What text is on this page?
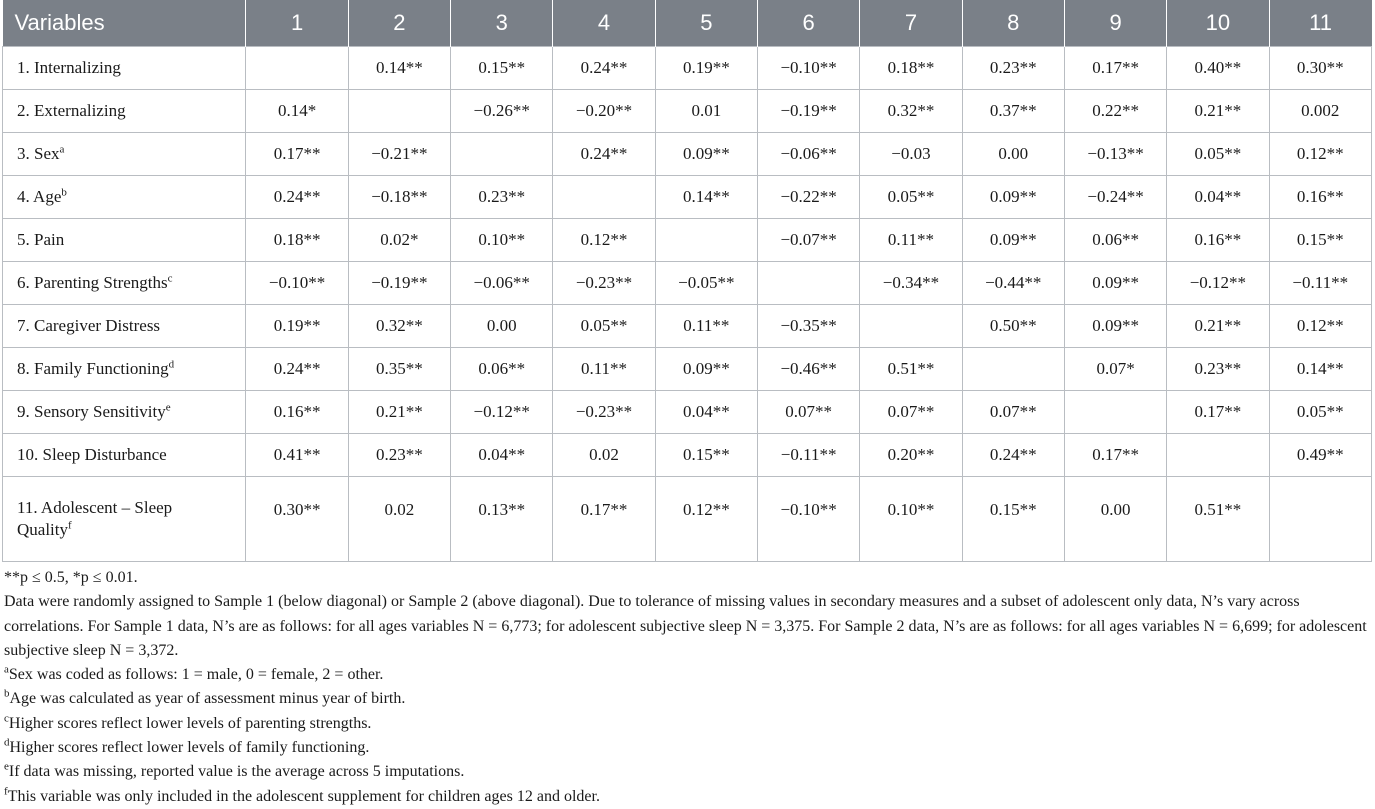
Variables	1	2	3	4	5	6	7	8	9	10	11
1. Internalizing		0.14**	0.15**	0.24**	0.19**	−0.10**	0.18**	0.23**	0.17**	0.40**	0.30**
2. Externalizing	0.14*		−0.26**	−0.20**	0.01	−0.19**	0.32**	0.37**	0.22**	0.21**	0.002
3. Sex$^a$	0.17**	−0.21**		0.24**	0.09**	−0.06**	−0.03	0.00	−0.13**	0.05**	0.12**
4. Age$^b$	0.24**	−0.18**	0.23**		0.14**	−0.22**	0.05**	0.09**	−0.24**	0.04**	0.16**
5. Pain	0.18**	0.02*	0.10**	0.12**		−0.07**	0.11**	0.09**	0.06**	0.16**	0.15**
6. Parenting Strengths$^c$	−0.10**	−0.19**	−0.06**	−0.23**	−0.05**		−0.34**	−0.44**	0.09**	−0.12**	−0.11**
7. Caregiver Distress	0.19**	0.32**	0.00	0.05**	0.11**	−0.35**		0.50**	0.09**	0.21**	0.12**
8. Family Functioning$^d$	0.24**	0.35**	0.06**	0.11**	0.09**	−0.46**	0.51**		0.07*	0.23**	0.14**
9. Sensory Sensitivity$^e$	0.16**	0.21**	−0.12**	−0.23**	0.04**	0.07**	0.07**	0.07**		0.17**	0.05**
10. Sleep Disturbance	0.41**	0.23**	0.04**	0.02	0.15**	−0.11**	0.20**	0.24**	0.17**		0.49**
11. Adolescent – Sleep
Quality$^f$	0.30**	0.02	0.13**	0.17**	0.12**	−0.10**	0.10**	0.15**	0.00	0.51**	

**p ≤ 0.5, *p ≤ 0.01.

Data were randomly assigned to Sample 1 (below diagonal) or Sample 2 (above diagonal). Due to tolerance of missing values in secondary measures and a subset of adolescent only data, N’s vary across correlations. For Sample 1 data, N’s are as follows: for all ages variables N = 6,773; for adolescent subjective sleep N = 3,375. For Sample 2 data, N’s are as follows: for all ages variables N = 6,699; for adolescent subjective sleep N = 3,372.

$^a$Sex was coded as follows: 1 = male, 0 = female, 2 = other.

$^b$Age was calculated as year of assessment minus year of birth.

$^c$Higher scores reflect lower levels of parenting strengths.

$^d$Higher scores reflect lower levels of family functioning.

$^e$If data was missing, reported value is the average across 5 imputations.

$^f$This variable was only included in the adolescent supplement for children ages 12 and older.
